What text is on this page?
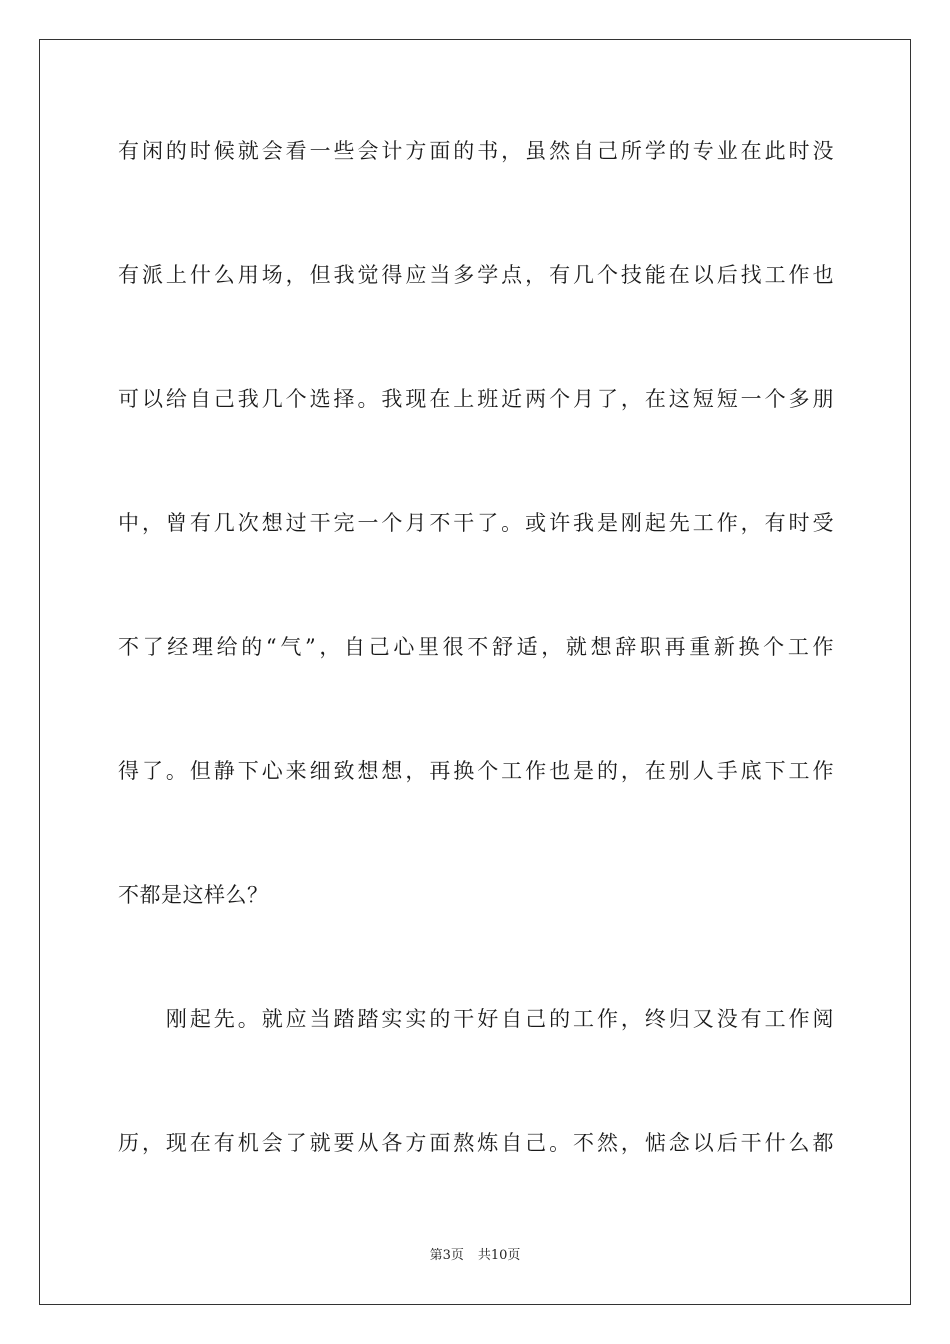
有闲的时候就会看一些会计方面的书，虽然自己所学的专业在此时没
有派上什么用场，但我觉得应当多学点，有几个技能在以后找工作也
可以给自己我几个选择。我现在上班近两个月了，在这短短一个多朋
中，曾有几次想过干完一个月不干了。或许我是刚起先工作，有时受
不了经理给的“气”，自己心里很不舒适，就想辞职再重新换个工作
得了。但静下心来细致想想，再换个工作也是的，在别人手底下工作
不都是这样么？
　　刚起先。就应当踏踏实实的干好自己的工作，终归又没有工作阅
历，现在有机会了就要从各方面熬炼自己。不然，惦念以后干什么都
第3页 共10页
